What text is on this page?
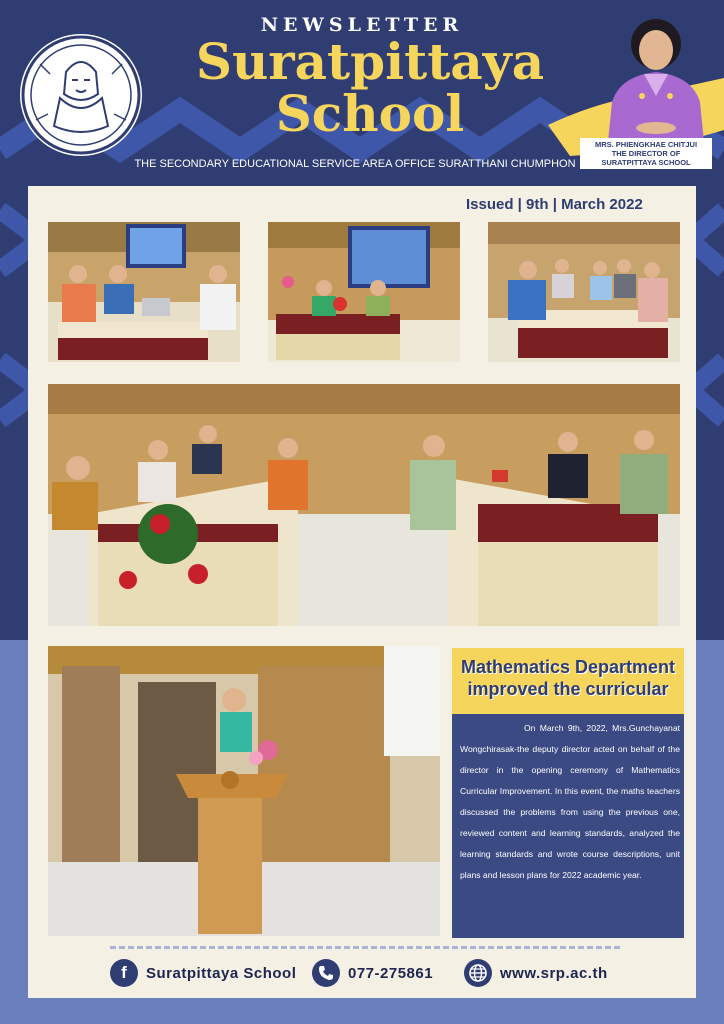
NEWSLETTER
Suratpittaya
School
THE SECONDARY EDUCATIONAL SERVICE AREA OFFICE SURATTHANI CHUMPHON
MRS. PHIENGKHAE CHITJUI
THE DIRECTOR OF
SURATPITTAYA SCHOOL
Issued | 9th | March 2022
Mathematics Department
improved the curricular
On March 9th, 2022, Mrs.Gunchayanat Wongchirasak-the deputy director acted on behalf of the director in the opening ceremony of Mathematics Curricular Improvement. In this event, the maths teachers discussed the problems from using the previous one, reviewed content and learning standards, analyzed the learning standards and wrote course descriptions, unit plans and lesson plans for 2022 academic year.
f	Suratpittaya School	077-275861	www.srp.ac.th
